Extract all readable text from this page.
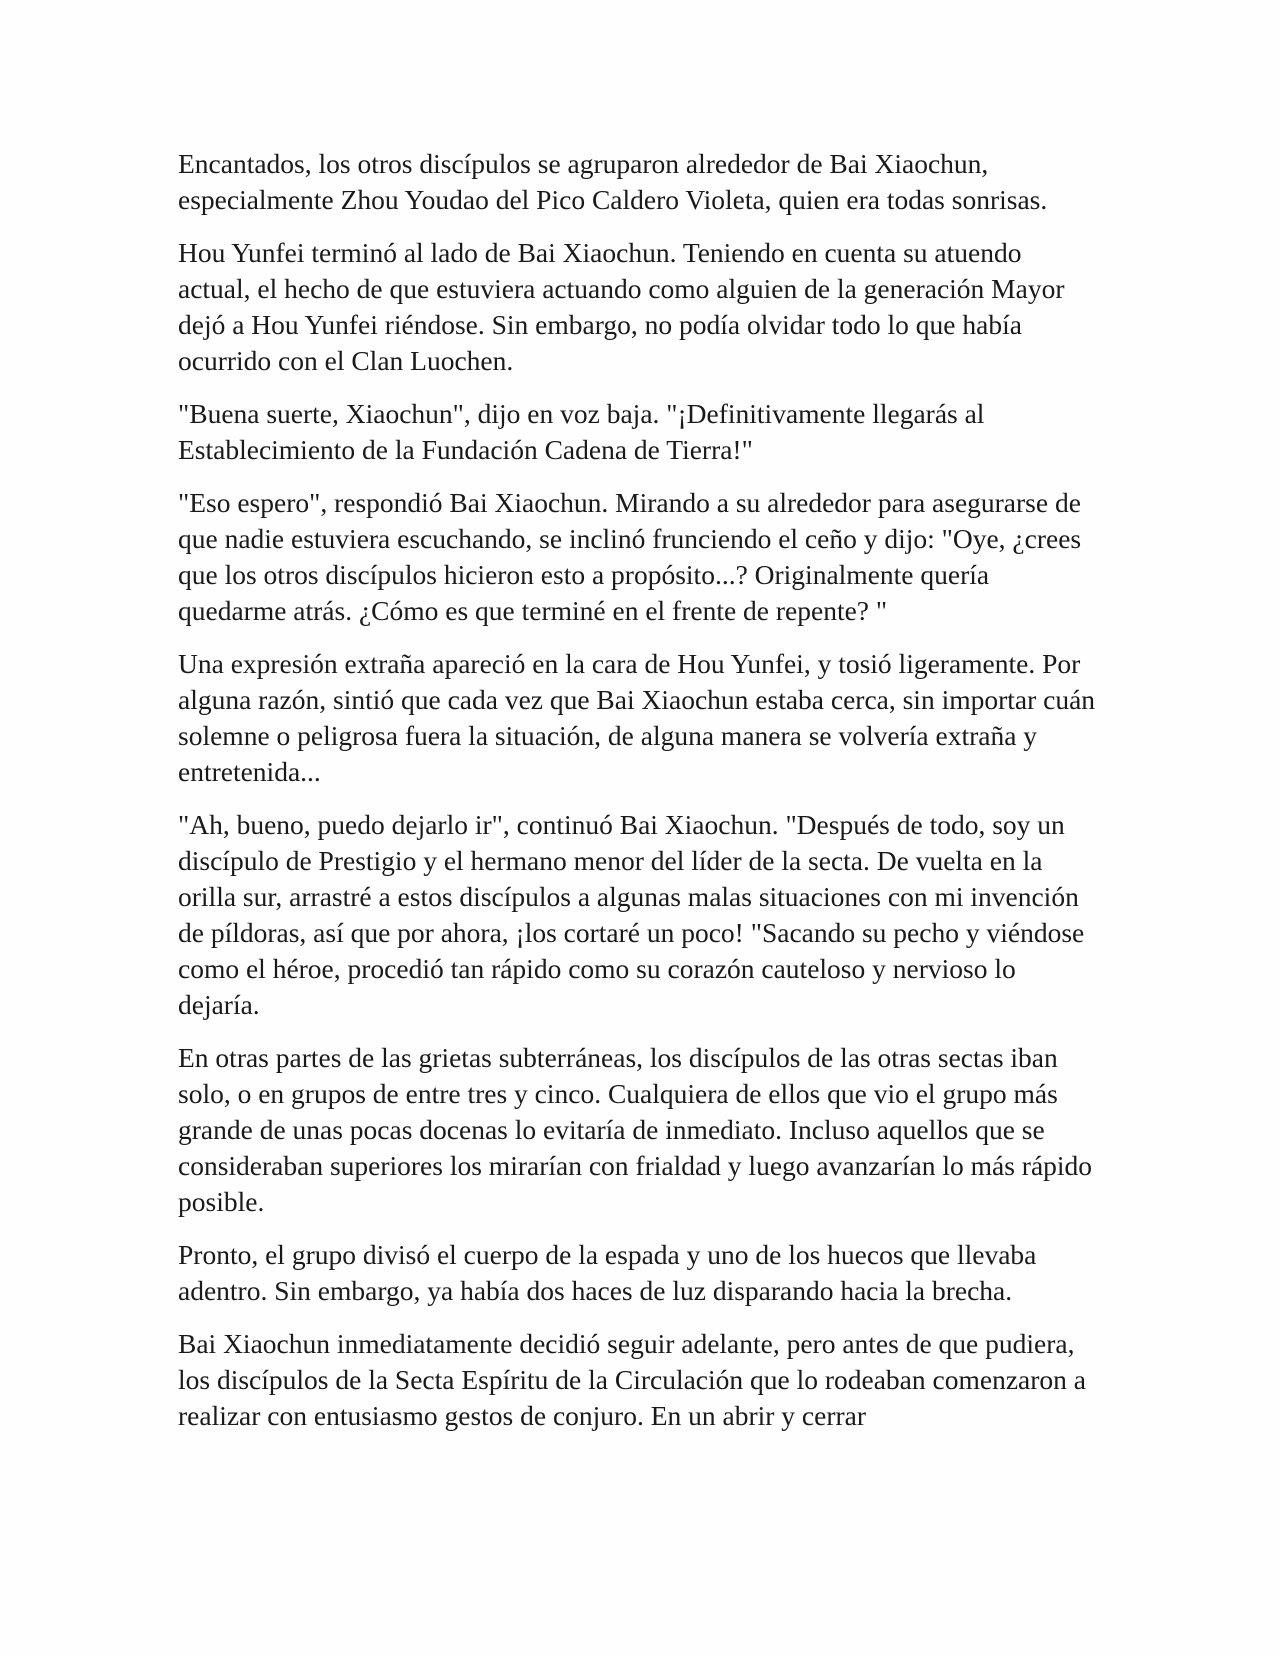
Encantados, los otros discípulos se agruparon alrededor de Bai Xiaochun, especialmente Zhou Youdao del Pico Caldero Violeta, quien era todas sonrisas.

Hou Yunfei terminó al lado de Bai Xiaochun. Teniendo en cuenta su atuendo actual, el hecho de que estuviera actuando como alguien de la generación Mayor dejó a Hou Yunfei riéndose. Sin embargo, no podía olvidar todo lo que había ocurrido con el Clan Luochen.

"Buena suerte, Xiaochun", dijo en voz baja. "¡Definitivamente llegarás al Establecimiento de la Fundación Cadena de Tierra!"

"Eso espero", respondió Bai Xiaochun. Mirando a su alrededor para asegurarse de que nadie estuviera escuchando, se inclinó frunciendo el ceño y dijo: "Oye, ¿crees que los otros discípulos hicieron esto a propósito...? Originalmente quería quedarme atrás. ¿Cómo es que terminé en el frente de repente? "

Una expresión extraña apareció en la cara de Hou Yunfei, y tosió ligeramente. Por alguna razón, sintió que cada vez que Bai Xiaochun estaba cerca, sin importar cuán solemne o peligrosa fuera la situación, de alguna manera se volvería extraña y entretenida...

"Ah, bueno, puedo dejarlo ir", continuó Bai Xiaochun. "Después de todo, soy un discípulo de Prestigio y el hermano menor del líder de la secta. De vuelta en la orilla sur, arrastré a estos discípulos a algunas malas situaciones con mi invención de píldoras, así que por ahora, ¡los cortaré un poco! "Sacando su pecho y viéndose como el héroe, procedió tan rápido como su corazón cauteloso y nervioso lo dejaría.

En otras partes de las grietas subterráneas, los discípulos de las otras sectas iban solo, o en grupos de entre tres y cinco. Cualquiera de ellos que vio el grupo más grande de unas pocas docenas lo evitaría de inmediato. Incluso aquellos que se consideraban superiores los mirarían con frialdad y luego avanzarían lo más rápido posible.

Pronto, el grupo divisó el cuerpo de la espada y uno de los huecos que llevaba adentro. Sin embargo, ya había dos haces de luz disparando hacia la brecha.

Bai Xiaochun inmediatamente decidió seguir adelante, pero antes de que pudiera, los discípulos de la Secta Espíritu de la Circulación que lo rodeaban comenzaron a realizar con entusiasmo gestos de conjuro. En un abrir y cerrar
